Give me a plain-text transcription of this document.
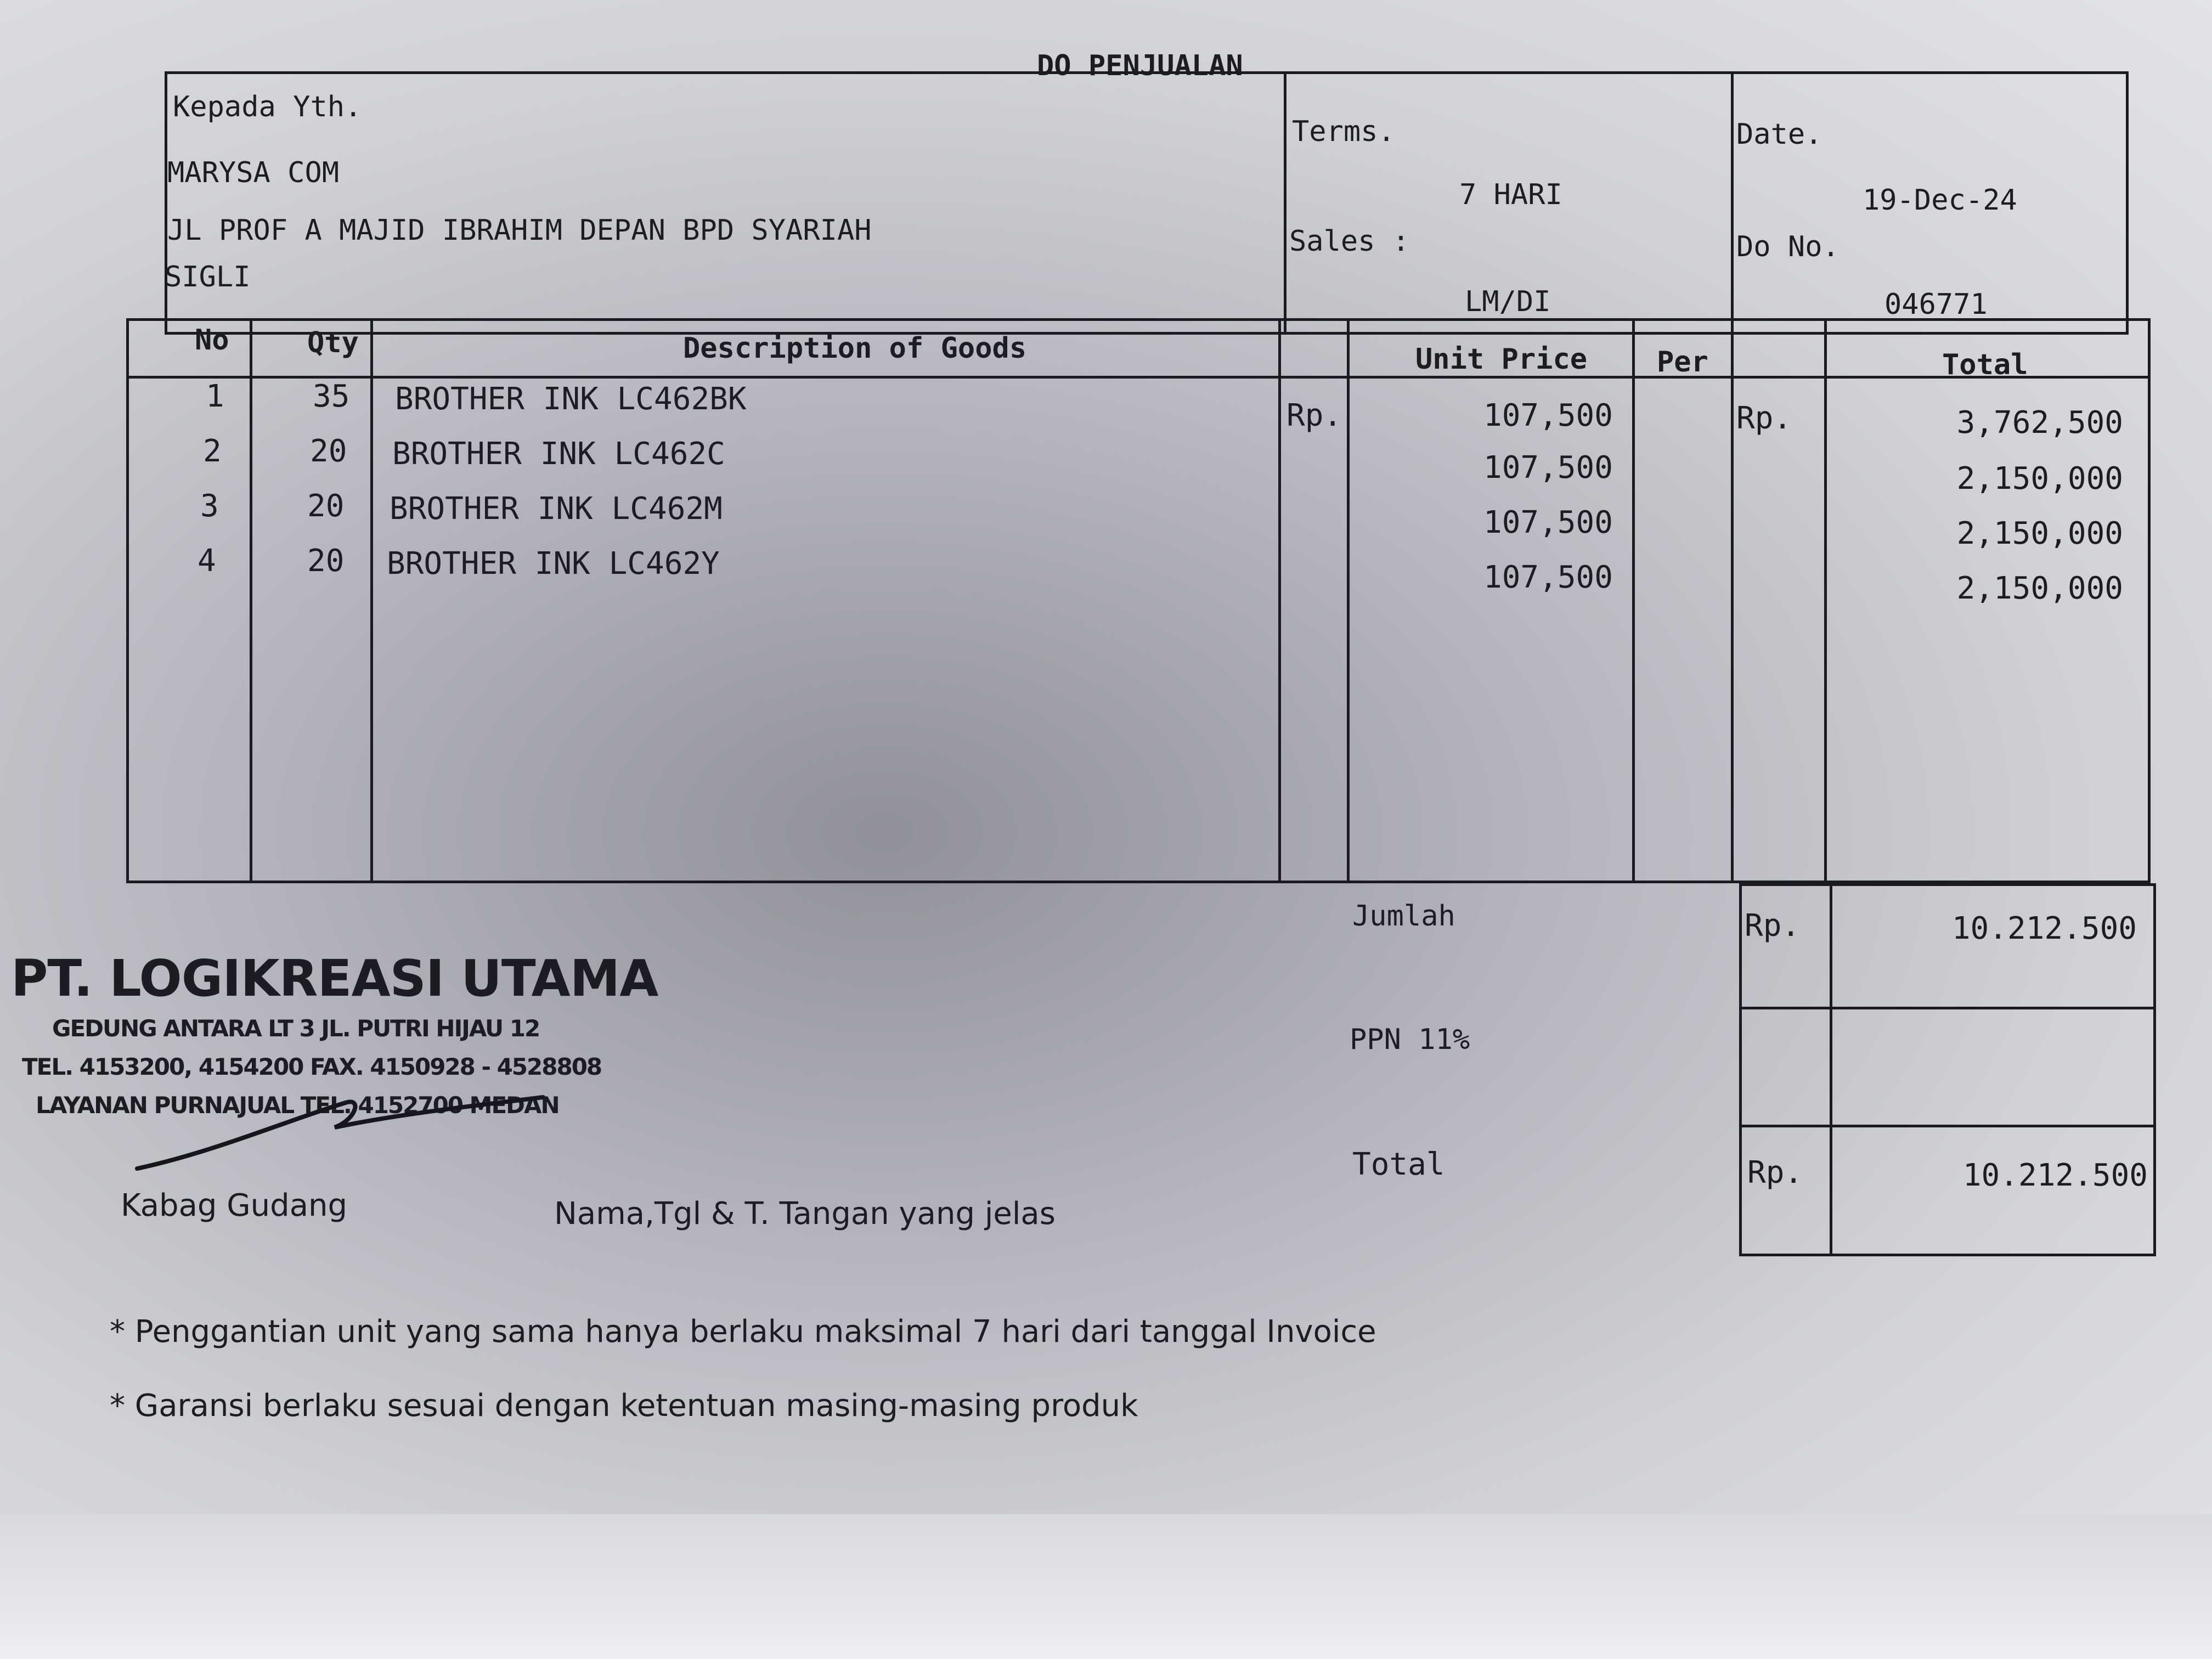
DO PENJUALAN
Kepada Yth.
MARYSA COM
JL PROF A MAJID IBRAHIM DEPAN BPD SYARIAH
SIGLI
Terms.
7 HARI
Sales :
LM/DI
Date.
19-Dec-24
Do No.
046771
No	Qty	Description of Goods	Unit Price Per	Total
Rp.	Rp.
1	35 BROTHER INK LC462BK	107,500	3,762,500
2	20 BROTHER INK LC462C	107,500	2,150,000
3	20 BROTHER INK LC462M	107,500	2,150,000
4	20 BROTHER INK LC462Y	107,500	2,150,000
Jumlah	Rp.	10.212.500
PPN 11%
Total	Rp.	10.212.500
PT. LOGIKREASI UTAMA
GEDUNG ANTARA LT 3 JL. PUTRI HIJAU 12
TEL. 4153200, 4154200 FAX. 4150928 - 4528808
LAYANAN PURNAJUAL TEL. 4152700 MEDAN
Kabag Gudang	Nama,Tgl & T. Tangan yang jelas
* Penggantian unit yang sama hanya berlaku maksimal 7 hari dari tanggal Invoice
* Garansi berlaku sesuai dengan ketentuan masing-masing produk
